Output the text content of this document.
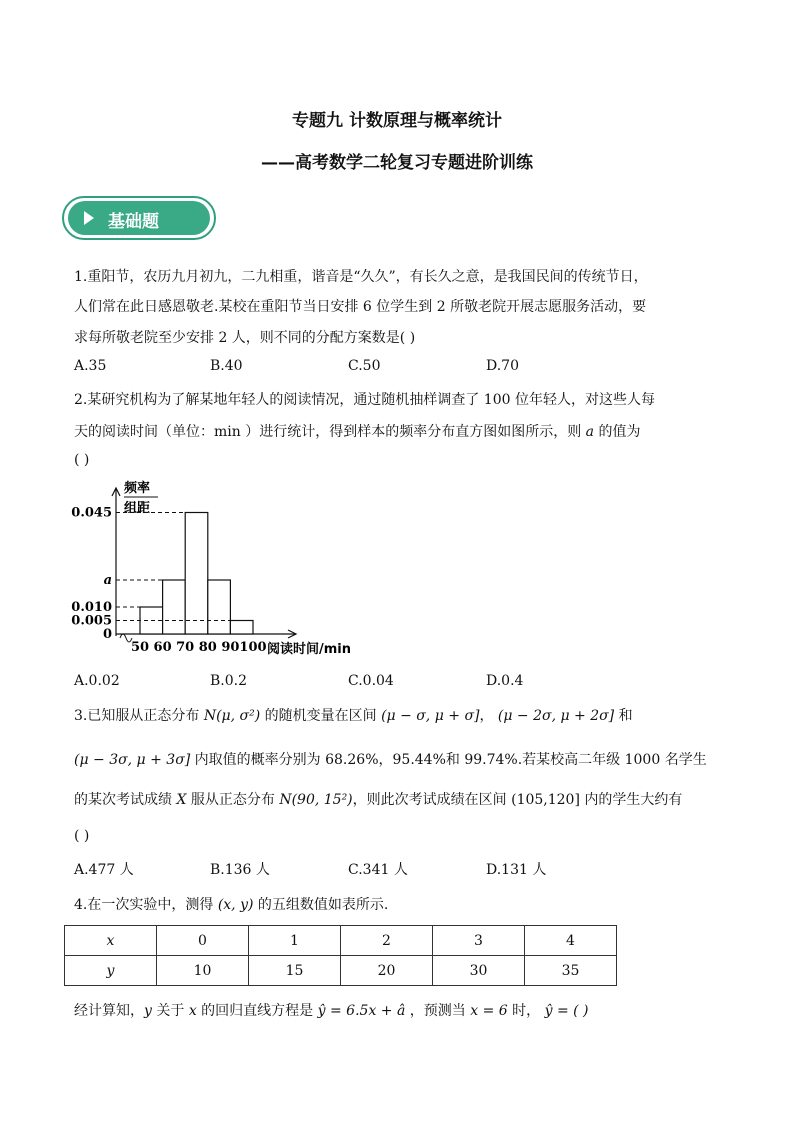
专题九 计数原理与概率统计
——高考数学二轮复习专题进阶训练
基础题
1.重阳节，农历九月初九，二九相重，谐音是“久久”，有长久之意，是我国民间的传统节日，
人们常在此日感恩敬老.某校在重阳节当日安排 6 位学生到 2 所敬老院开展志愿服务活动，要
求每所敬老院至少安排 2 人，则不同的分配方案数是( )
A.35	B.40	C.50	D.70
2.某研究机构为了解某地年轻人的阅读情况，通过随机抽样调查了 100 位年轻人，对这些人每
天的阅读时间（单位：min ）进行统计，得到样本的频率分布直方图如图所示，则 a 的值为
( )
频率
组距
0.045
a
0.010
0.005
0
50 60 70 80 90 100 阅读时间/min
A.0.02	B.0.2	C.0.04	D.0.4
3.已知服从正态分布 N(μ, σ²) 的随机变量在区间 (μ − σ, μ + σ]， (μ − 2σ, μ + 2σ] 和
(μ − 3σ, μ + 3σ] 内取值的概率分别为 68.26%，95.44%和 99.74%.若某校高二年级 1000 名学生
的某次考试成绩 X 服从正态分布 N(90, 15²)，则此次考试成绩在区间 (105,120] 内的学生大约有
( )
A.477 人	B.136 人	C.341 人	D.131 人
4.在一次实验中，测得 (x, y) 的五组数值如表所示.
x	0	1	2	3	4
y	10	15	20	30	35
经计算知，y 关于 x 的回归直线方程是 ŷ = 6.5x + â ，预测当 x = 6 时， ŷ = ( )
